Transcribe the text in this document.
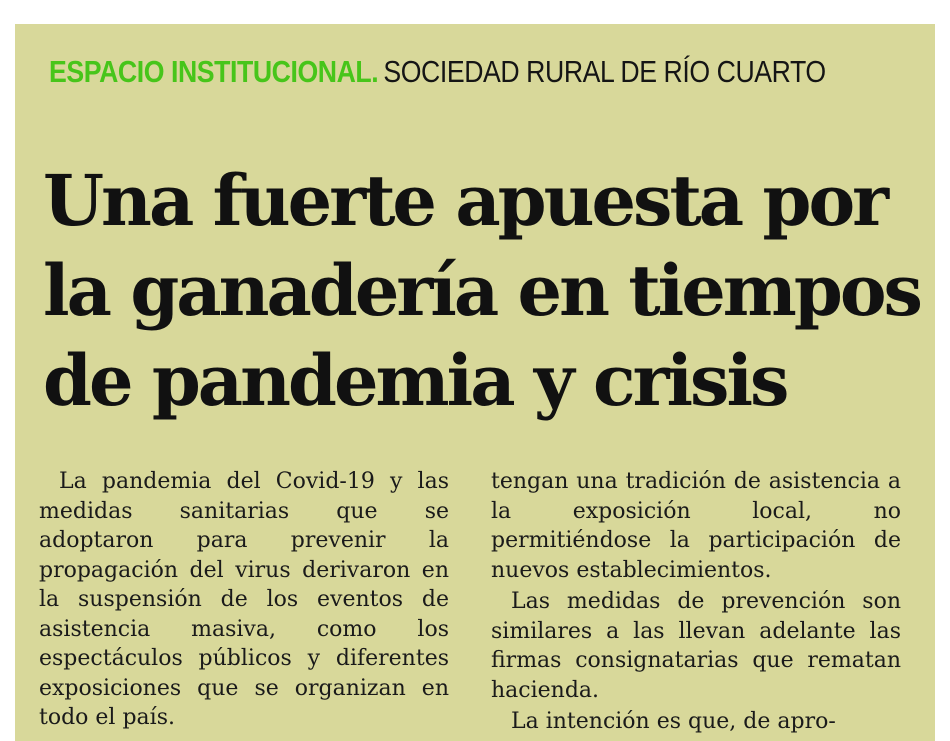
ESPACIO INSTITUCIONAL. SOCIEDAD RURAL DE RÍO CUARTO
Una fuerte apuesta por la ganadería en tiempos de pandemia y crisis

La pandemia del Covid-19 y las medidas sanitarias que se adoptaron para prevenir la propagación del virus derivaron en la suspensión de los eventos de asistencia masiva, como los espectáculos públicos y diferentes exposiciones que se organizan en todo el país.

tengan una tradición de asistencia a la exposición local, no permitiéndose la participación de nuevos establecimientos.

Las medidas de prevención son similares a las llevan adelante las firmas consignatarias que rematan hacienda.

La intención es que, de apro-
